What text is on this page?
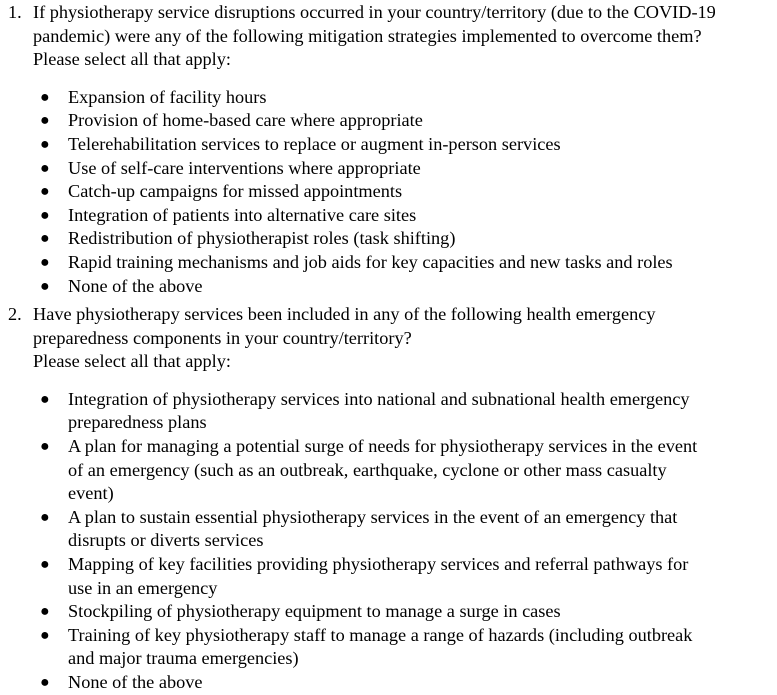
1. If physiotherapy service disruptions occurred in your country/territory (due to the COVID-19
pandemic) were any of the following mitigation strategies implemented to overcome them?
Please select all that apply:
● Expansion of facility hours
● Provision of home-based care where appropriate
● Telerehabilitation services to replace or augment in-person services
● Use of self-care interventions where appropriate
● Catch-up campaigns for missed appointments
● Integration of patients into alternative care sites
● Redistribution of physiotherapist roles (task shifting)
● Rapid training mechanisms and job aids for key capacities and new tasks and roles
● None of the above
2. Have physiotherapy services been included in any of the following health emergency
preparedness components in your country/territory?
Please select all that apply:
● Integration of physiotherapy services into national and subnational health emergency
preparedness plans
● A plan for managing a potential surge of needs for physiotherapy services in the event
of an emergency (such as an outbreak, earthquake, cyclone or other mass casualty
event)
● A plan to sustain essential physiotherapy services in the event of an emergency that
disrupts or diverts services
● Mapping of key facilities providing physiotherapy services and referral pathways for
use in an emergency
● Stockpiling of physiotherapy equipment to manage a surge in cases
● Training of key physiotherapy staff to manage a range of hazards (including outbreak
and major trauma emergencies)
● None of the above
